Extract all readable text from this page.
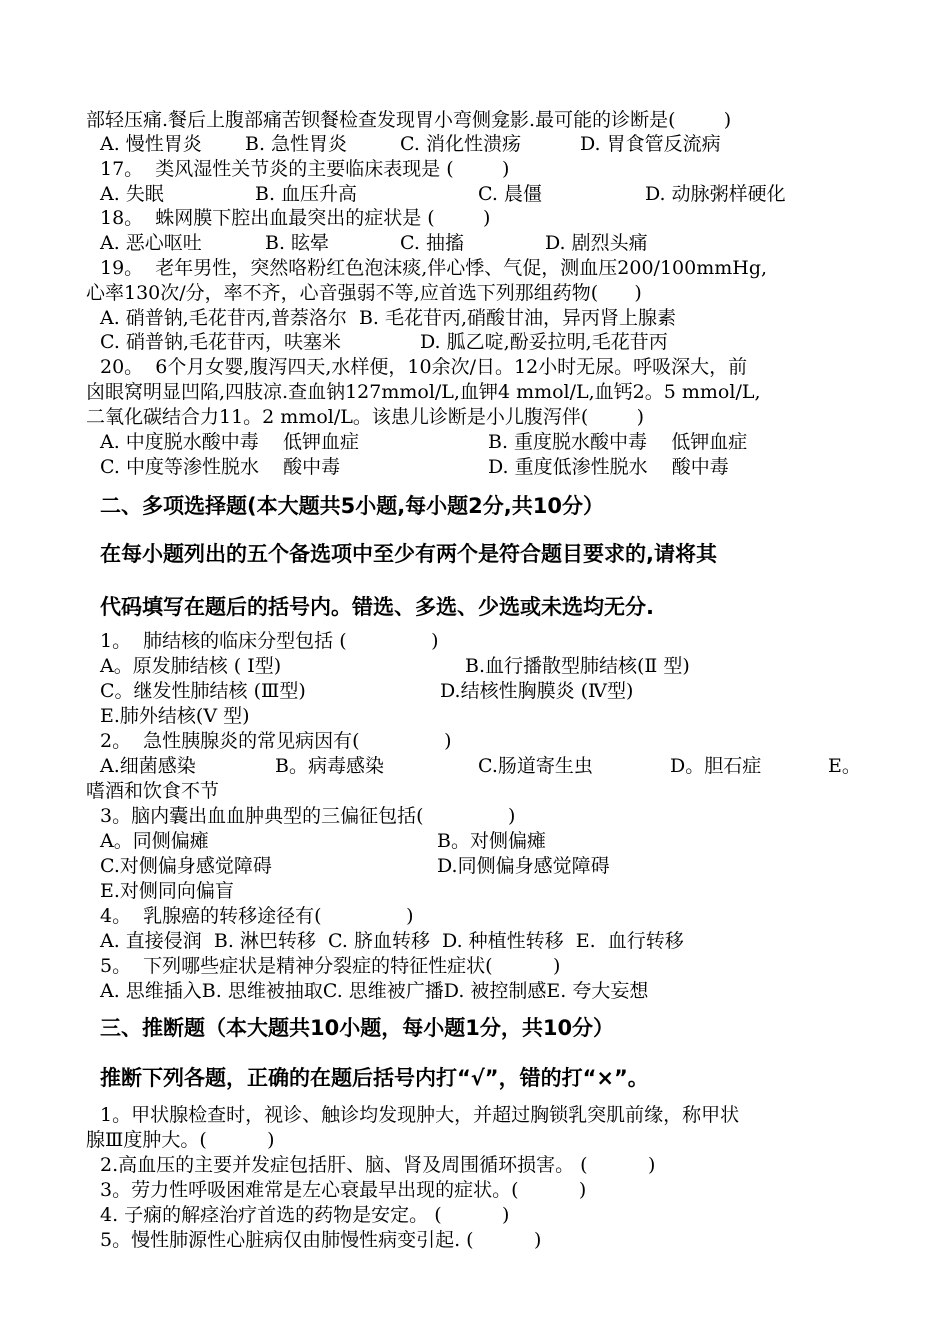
部轻压痛.餐后上腹部痛苦钡餐检查发现胃小弯侧龛影.最可能的诊断是(        )

A. 慢性胃炎

B. 急性胃炎

	C. 消化性溃疡

	D. 胃食管反流病

17。  类风湿性关节炎的主要临床表现是 (        )

A. 失眠

	B. 血压升高

	C. 晨僵

	D. 动脉粥样硬化

18。  蛛网膜下腔出血最突出的症状是 (        )

A. 恶心呕吐

	B. 眩晕

	C. 抽搐

	D. 剧烈头痛

19。  老年男性，突然咯粉红色泡沫痰,伴心悸、气促，测血压200/100mmHg,

心率130次/分，率不齐，心音强弱不等,应首选下列那组药物(      )

A. 硝普钠,毛花苷丙,普萘洛尔  B. 毛花苷丙,硝酸甘油，异丙肾上腺素

C. 硝普钠,毛花苷丙，呋塞米

	D. 胍乙啶,酚妥拉明,毛花苷丙

20。  6个月女婴,腹泻四天,水样便，10余次/日。12小时无尿。呼吸深大，前

囟眼窝明显凹陷,四肢凉.查血钠127mmol/L,血钾4 mmol/L,血钙2。5 mmol/L,

二氧化碳结合力11。2 mmol/L。该患儿诊断是小儿腹泻伴(        )

A. 中度脱水酸中毒    低钾血症

	B. 重度脱水酸中毒    低钾血症

C. 中度等渗性脱水    酸中毒

	D. 重度低渗性脱水    酸中毒

二、多项选择题(本大题共5小题,每小题2分,共10分）
在每小题列出的五个备选项中至少有两个是符合题目要求的,请将其
代码填写在题后的括号内。错选、多选、少选或未选均无分.

1。  肺结核的临床分型包括 (              )

A。原发肺结核 ( Ⅰ型)

	B.血行播散型肺结核(Ⅱ 型)

C。继发性肺结核 (Ⅲ型)

	D.结核性胸膜炎 (Ⅳ型)

E.肺外结核(Ⅴ 型)

2。  急性胰腺炎的常见病因有(              )

A.细菌感染

	B。病毒感染

	C.肠道寄生虫

	D。胆石症

	E。

嗜酒和饮食不节

3。脑内囊出血血肿典型的三偏征包括(              )

A。同侧偏瘫

	B。对侧偏瘫

C.对侧偏身感觉障碍

	D.同侧偏身感觉障碍

E.对侧同向偏盲

4。  乳腺癌的转移途径有(              )

A. 直接侵润  B. 淋巴转移  C. 脐血转移  D. 种植性转移  E.  血行转移

5。  下列哪些症状是精神分裂症的特征性症状(          )

A. 思维插入B. 思维被抽取C. 思维被广播D. 被控制感E. 夸大妄想

三、推断题（本大题共10小题，每小题1分，共10分）
推断下列各题，正确的在题后括号内打“√”，错的打“×”。

1。甲状腺检查时，视诊、触诊均发现肿大，并超过胸锁乳突肌前缘，称甲状

腺Ⅲ度肿大。(          )

2.高血压的主要并发症包括肝、脑、肾及周围循环损害。 (          )

3。劳力性呼吸困难常是左心衰最早出现的症状。(          )

4. 子痫的解痉治疗首选的药物是安定。 (          )

5。慢性肺源性心脏病仅由肺慢性病变引起. (          )
